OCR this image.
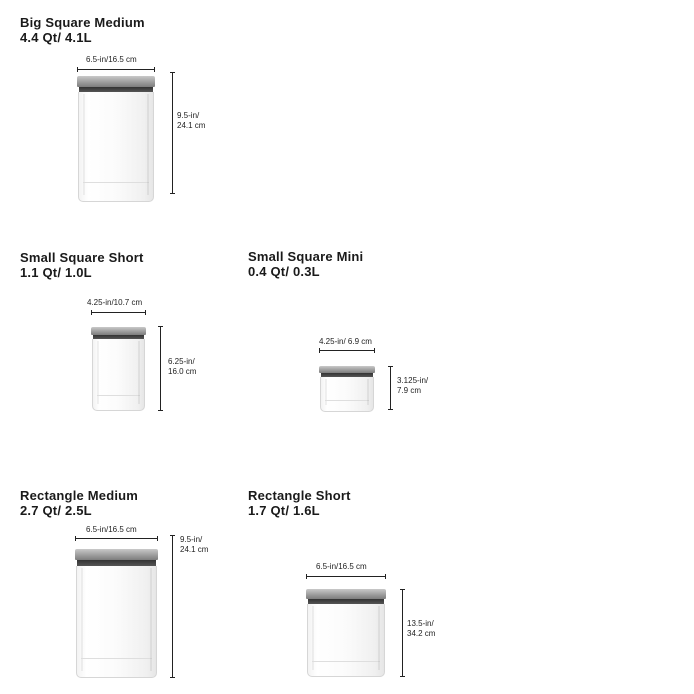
Big Square Medium
4.4 Qt/ 4.1L
6.5-in/16.5 cm
9.5-in/
24.1 cm
Small Square Short
1.1 Qt/ 1.0L
4.25-in/10.7 cm
6.25-in/
16.0 cm
Small Square Mini
0.4 Qt/ 0.3L
4.25-in/ 6.9 cm
3.125-in/
7.9 cm
Rectangle Medium
2.7 Qt/ 2.5L
6.5-in/16.5 cm
9.5-in/
24.1 cm
Rectangle Short
1.7 Qt/ 1.6L
6.5-in/16.5 cm
13.5-in/
34.2 cm
